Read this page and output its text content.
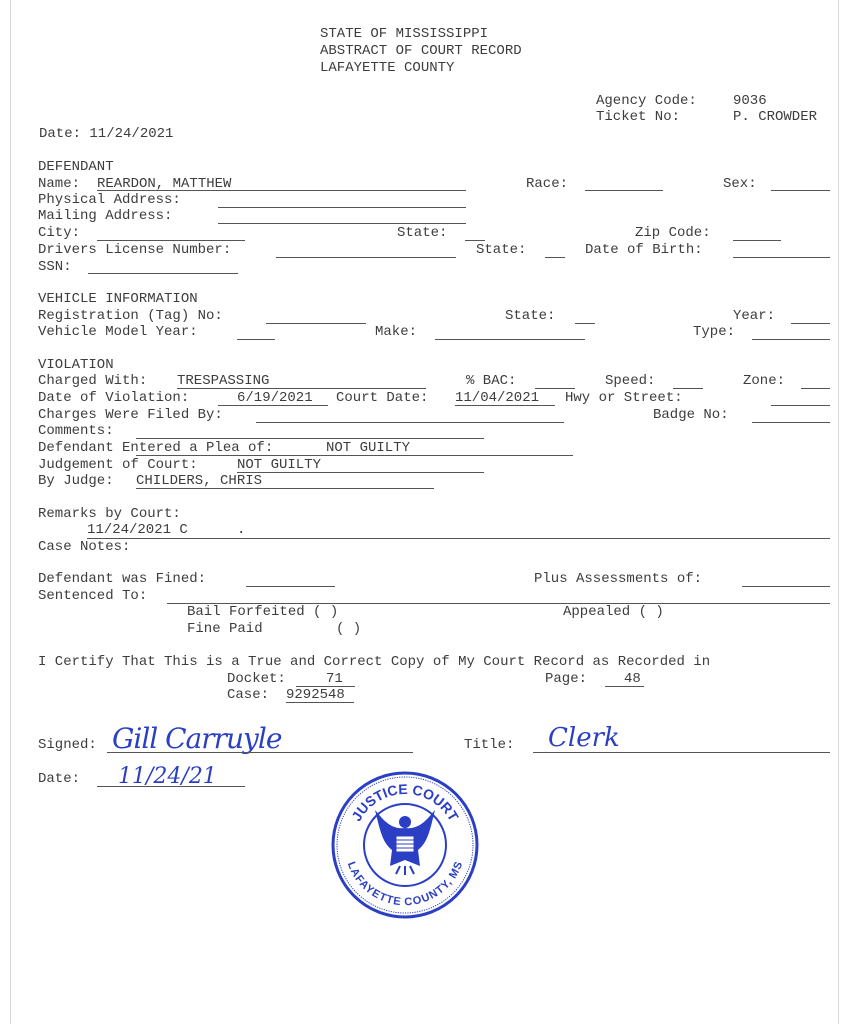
STATE OF MISSISSIPPI
ABSTRACT OF COURT RECORD
LAFAYETTE COUNTY
Agency Code:	9036
Ticket No:	P. CROWDER
Date: 11/24/2021
DEFENDANT
Name: REARDON, MATTHEW	Race:	Sex:
Physical Address:
Mailing Address:
City:	State:	Zip Code:
Drivers License Number:	State:	Date of Birth:
SSN:
VEHICLE INFORMATION
Registration (Tag) No:	State:	Year:
Vehicle Model Year:	Make:	Type:
VIOLATION
Charged With: TRESPASSING	% BAC:	Speed:	Zone:
Date of Violation:	6/19/2021 Court Date: 11/04/2021 Hwy or Street:
Charges Were Filed By:	Badge No:
Comments:
Defendant Entered a Plea of:	NOT GUILTY
Judgement of Court:	NOT GUILTY
By Judge: CHILDERS, CHRIS
Remarks by Court:
11/24/2021 C	.
Case Notes:
Defendant was Fined:	Plus Assessments of:
Sentenced To:
Bail Forfeited ( )	Appealed ( )
Fine Paid	( )
I Certify That This is a True and Correct Copy of My Court Record as Recorded in
Docket:	71	Page:	48
Case: 9292548
Signed: Gill Carruyle	Title: Clerk
Date: 11/24/21
JUSTICE COURT
LAFAYETTE COUNTY, MS
